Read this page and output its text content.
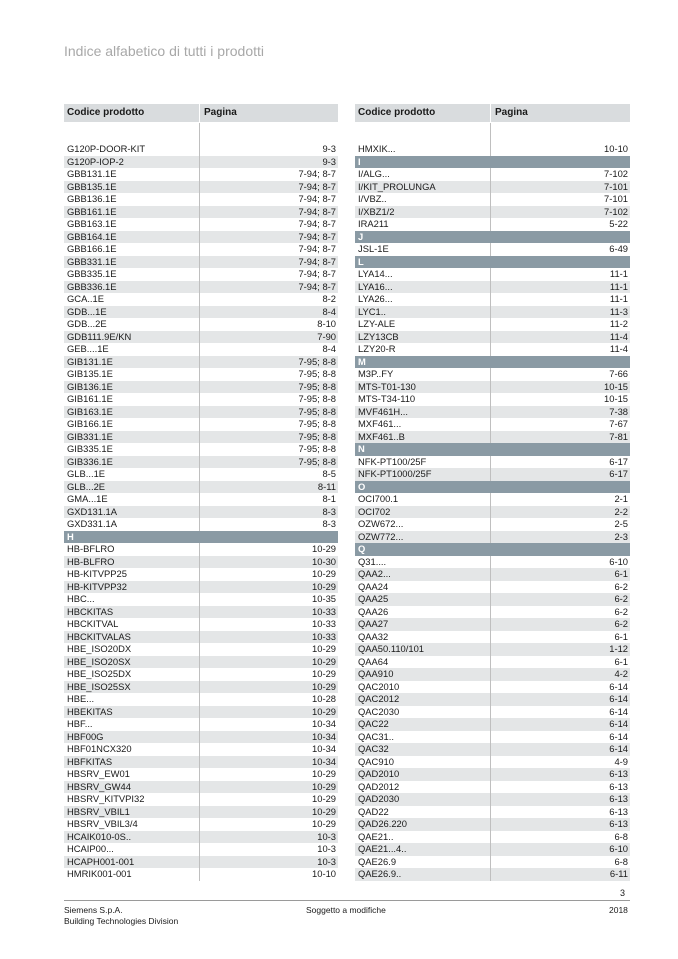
Indice alfabetico di tutti i prodotti
Codice prodotto	Pagina
G120P-DOOR-KIT	9-3
G120P-IOP-2	9-3
GBB131.1E	7-94; 8-7
GBB135.1E	7-94; 8-7
GBB136.1E	7-94; 8-7
GBB161.1E	7-94; 8-7
GBB163.1E	7-94; 8-7
GBB164.1E	7-94; 8-7
GBB166.1E	7-94; 8-7
GBB331.1E	7-94; 8-7
GBB335.1E	7-94; 8-7
GBB336.1E	7-94; 8-7
GCA..1E	8-2
GDB...1E	8-4
GDB...2E	8-10
GDB111.9E/KN	7-90
GEB....1E	8-4
GIB131.1E	7-95; 8-8
GIB135.1E	7-95; 8-8
GIB136.1E	7-95; 8-8
GIB161.1E	7-95; 8-8
GIB163.1E	7-95; 8-8
GIB166.1E	7-95; 8-8
GIB331.1E	7-95; 8-8
GIB335.1E	7-95; 8-8
GIB336.1E	7-95; 8-8
GLB...1E	8-5
GLB...2E	8-11
GMA...1E	8-1
GXD131.1A	8-3
GXD331.1A	8-3
H
HB-BFLRO	10-29
HB-BLFRO	10-30
HB-KITVPP25	10-29
HB-KITVPP32	10-29
HBC...	10-35
HBCKITAS	10-33
HBCKITVAL	10-33
HBCKITVALAS	10-33
HBE_ISO20DX	10-29
HBE_ISO20SX	10-29
HBE_ISO25DX	10-29
HBE_ISO25SX	10-29
HBE...	10-28
HBEKITAS	10-29
HBF...	10-34
HBF00G	10-34
HBF01NCX320	10-34
HBFKITAS	10-34
HBSRV_EW01	10-29
HBSRV_GW44	10-29
HBSRV_KITVPI32	10-29
HBSRV_VBIL1	10-29
HBSRV_VBIL3/4	10-29
HCAIK010-0S..	10-3
HCAIP00...	10-3
HCAPH001-001	10-3
HMRIK001-001	10-10
Codice prodotto	Pagina
HMXIK...	10-10
I
I/ALG...	7-102
I/KIT_PROLUNGA	7-101
I/VBZ..	7-101
I/XBZ1/2	7-102
IRA211	5-22
J
JSL-1E	6-49
L
LYA14...	11-1
LYA16...	11-1
LYA26...	11-1
LYC1..	11-3
LZY-ALE	11-2
LZY13CB	11-4
LZY20-R	11-4
M
M3P..FY	7-66
MTS-T01-130	10-15
MTS-T34-110	10-15
MVF461H...	7-38
MXF461...	7-67
MXF461..B	7-81
N
NFK-PT100/25F	6-17
NFK-PT1000/25F	6-17
O
OCI700.1	2-1
OCI702	2-2
OZW672...	2-5
OZW772...	2-3
Q
Q31....	6-10
QAA2...	6-1
QAA24	6-2
QAA25	6-2
QAA26	6-2
QAA27	6-2
QAA32	6-1
QAA50.110/101	1-12
QAA64	6-1
QAA910	4-2
QAC2010	6-14
QAC2012	6-14
QAC2030	6-14
QAC22	6-14
QAC31..	6-14
QAC32	6-14
QAC910	4-9
QAD2010	6-13
QAD2012	6-13
QAD2030	6-13
QAD22	6-13
QAD26.220	6-13
QAE21..	6-8
QAE21...4..	6-10
QAE26.9	6-8
QAE26.9..	6-11
3
Siemens S.p.A.
Building Technologies Division
Soggetto a modifiche	2018
